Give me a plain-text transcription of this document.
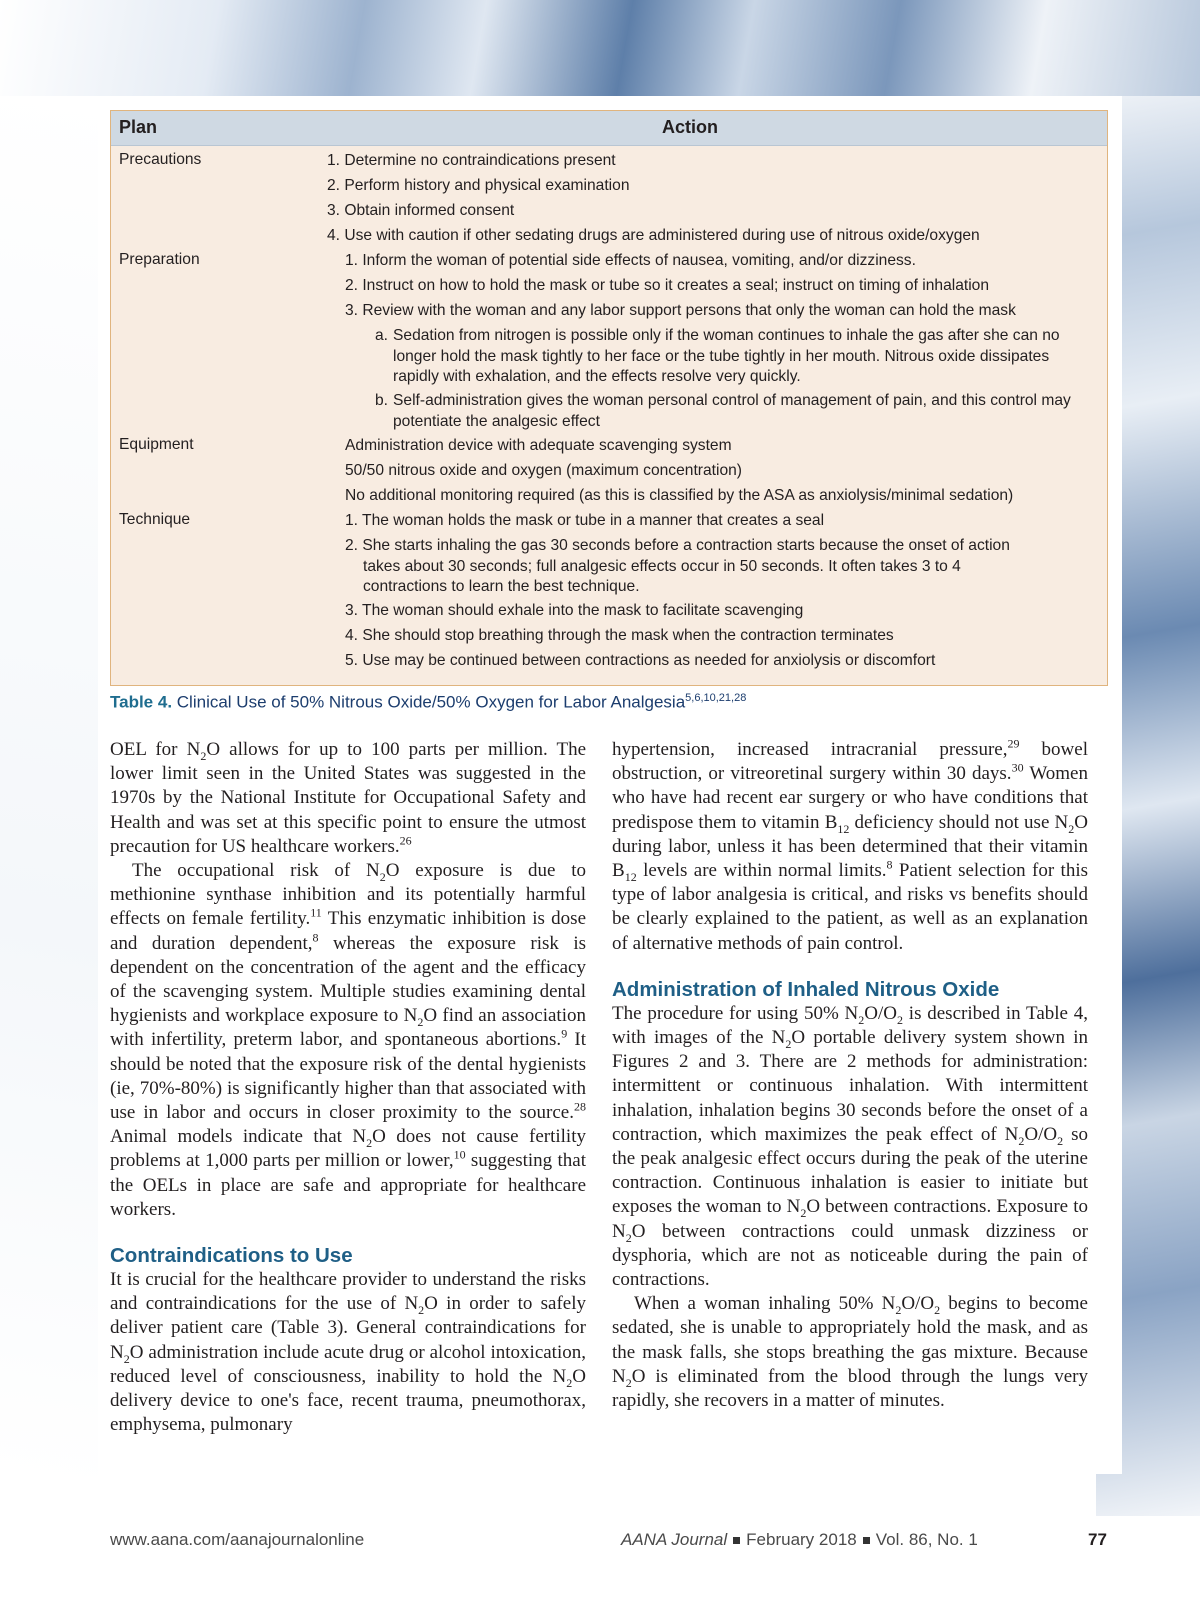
Plan	Action
Precautions	1. Determine no contraindications present
2. Perform history and physical examination
3. Obtain informed consent
4. Use with caution if other sedating drugs are administered during use of nitrous oxide/oxygen
Preparation	1. Inform the woman of potential side effects of nausea, vomiting, and/or dizziness.
2. Instruct on how to hold the mask or tube so it creates a seal; instruct on timing of inhalation
3. Review with the woman and any labor support persons that only the woman can hold the mask
a. Sedation from nitrogen is possible only if the woman continues to inhale the gas after she can no longer hold the mask tightly to her face or the tube tightly in her mouth. Nitrous oxide dissipates rapidly with exhalation, and the effects resolve very quickly.
b. Self-administration gives the woman personal control of management of pain, and this control may potentiate the analgesic effect
Equipment	Administration device with adequate scavenging system
50/50 nitrous oxide and oxygen (maximum concentration)
No additional monitoring required (as this is classified by the ASA as anxiolysis/minimal sedation)
Technique	1. The woman holds the mask or tube in a manner that creates a seal
2. She starts inhaling the gas 30 seconds before a contraction starts because the onset of action takes about 30 seconds; full analgesic effects occur in 50 seconds. It often takes 3 to 4 contractions to learn the best technique.
3. The woman should exhale into the mask to facilitate scavenging
4. She should stop breathing through the mask when the contraction terminates
5. Use may be continued between contractions as needed for anxiolysis or discomfort
Table 4. Clinical Use of 50% Nitrous Oxide/50% Oxygen for Labor Analgesia$^{5,6,10,21,28}$

OEL for $N_2O$ allows for up to 100 parts per million. The lower limit seen in the United States was suggested in the 1970s by the National Institute for Occupational Safety and Health and was set at this specific point to ensure the utmost precaution for US healthcare workers.$^{26}$

The occupational risk of $N_2O$ exposure is due to methionine synthase inhibition and its potentially harmful effects on female fertility.$^{11}$ This enzymatic inhibition is dose and duration dependent,$^8$ whereas the exposure risk is dependent on the concentration of the agent and the efficacy of the scavenging system. Multiple studies examining dental hygienists and workplace exposure to $N_2O$ find an association with infertility, preterm labor, and spontaneous abortions.$^9$ It should be noted that the exposure risk of the dental hygienists (ie, 70%-80%) is significantly higher than that associated with use in labor and occurs in closer proximity to the source.$^{28}$ Animal models indicate that $N_2O$ does not cause fertility problems at 1,000 parts per million or lower,$^{10}$ suggesting that the OELs in place are safe and appropriate for healthcare workers.

Contraindications to Use

It is crucial for the healthcare provider to understand the risks and contraindications for the use of $N_2O$ in order to safely deliver patient care (Table 3). General contraindications for $N_2O$ administration include acute drug or alcohol intoxication, reduced level of consciousness, inability to hold the $N_2O$ delivery device to one's face, recent trauma, pneumothorax, emphysema, pulmonary

hypertension, increased intracranial pressure,$^{29}$ bowel obstruction, or vitreoretinal surgery within 30 days.$^{30}$ Women who have had recent ear surgery or who have conditions that predispose them to vitamin $B_{12}$ deficiency should not use $N_2O$ during labor, unless it has been determined that their vitamin $B_{12}$ levels are within normal limits.$^8$ Patient selection for this type of labor analgesia is critical, and risks vs benefits should be clearly explained to the patient, as well as an explanation of alternative methods of pain control.

Administration of Inhaled Nitrous Oxide

The procedure for using 50% $N_2O/O_2$ is described in Table 4, with images of the $N_2O$ portable delivery system shown in Figures 2 and 3. There are 2 methods for administration: intermittent or continuous inhalation. With intermittent inhalation, inhalation begins 30 seconds before the onset of a contraction, which maximizes the peak effect of $N_2O/O_2$ so the peak analgesic effect occurs during the peak of the uterine contraction. Continuous inhalation is easier to initiate but exposes the woman to $N_2O$ between contractions. Exposure to $N_2O$ between contractions could unmask dizziness or dysphoria, which are not as noticeable during the pain of contractions.

When a woman inhaling 50% $N_2O/O_2$ begins to become sedated, she is unable to appropriately hold the mask, and as the mask falls, she stops breathing the gas mixture. Because $N_2O$ is eliminated from the blood through the lungs very rapidly, she recovers in a matter of minutes.

www.aana.com/aanajournalonline	AANA Journal February 2018 Vol. 86, No. 1	77
